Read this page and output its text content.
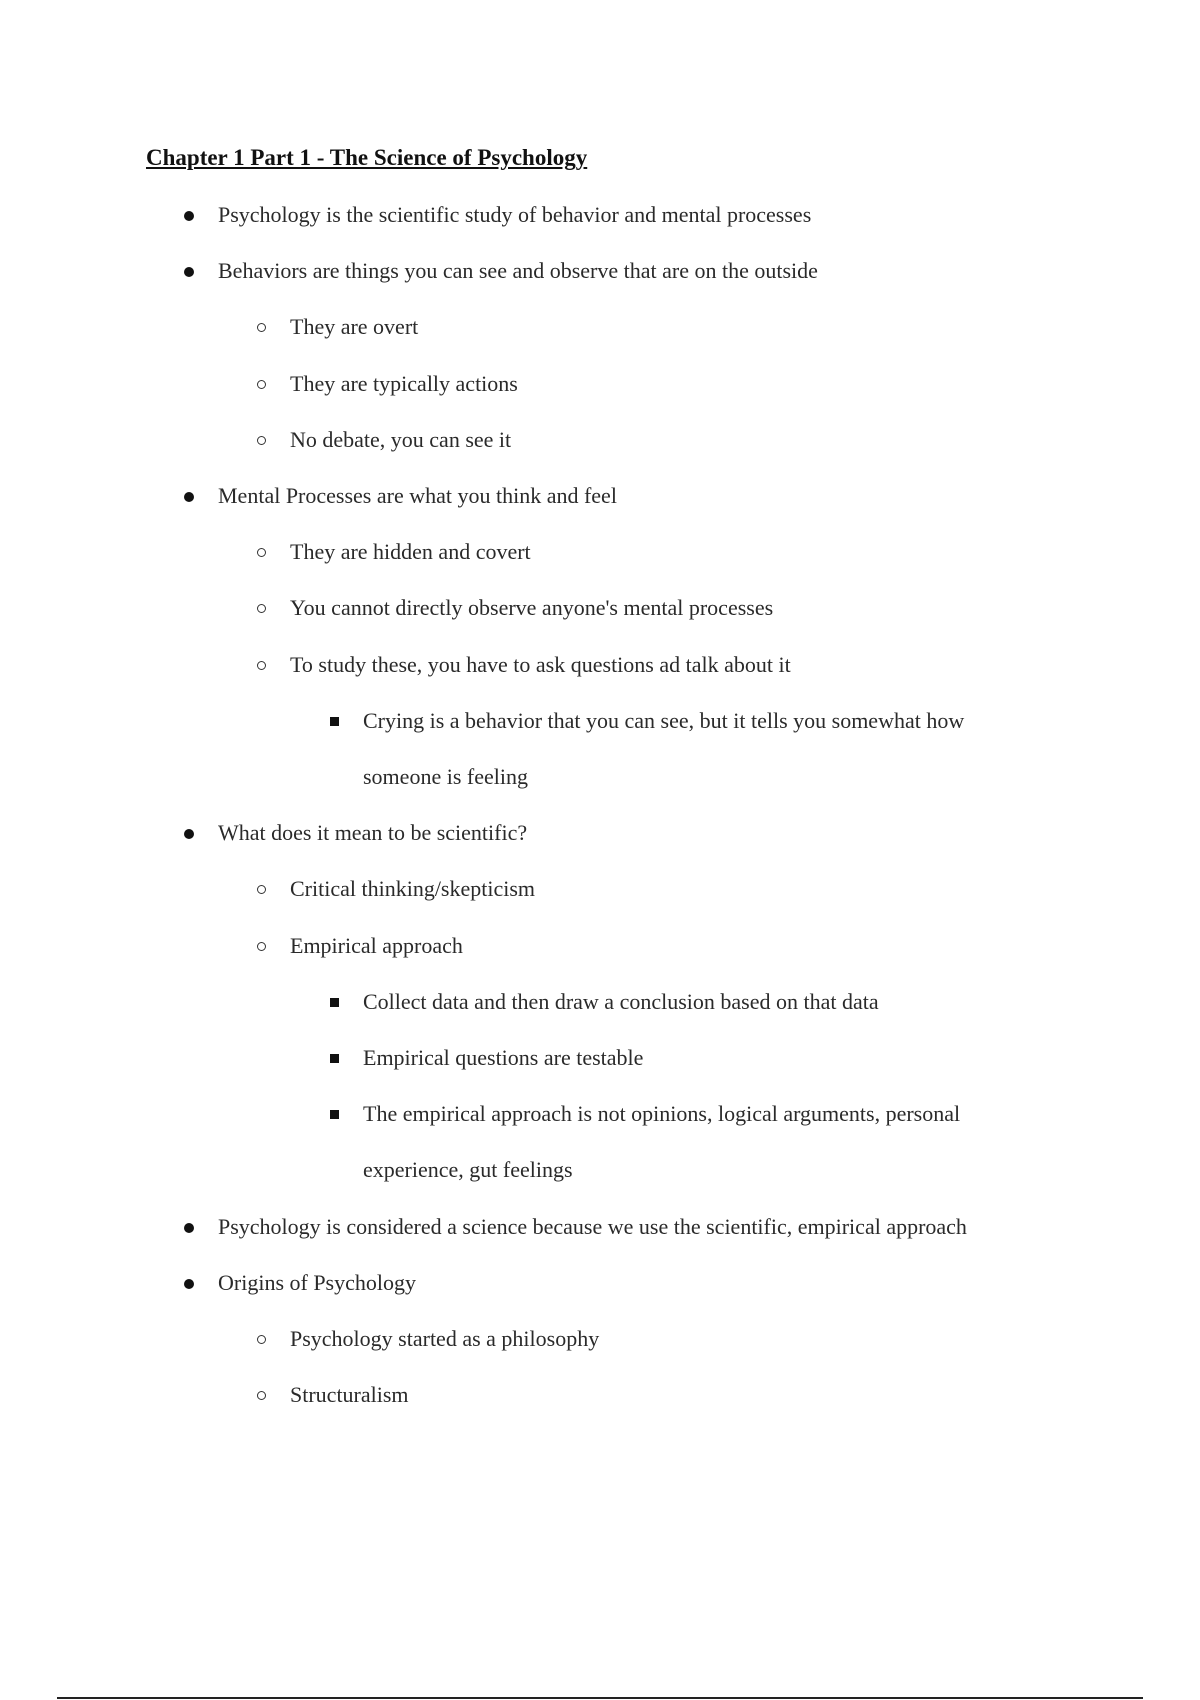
Chapter 1 Part 1 - The Science of Psychology
Psychology is the scientific study of behavior and mental processes
Behaviors are things you can see and observe that are on the outside
They are overt
They are typically actions
No debate, you can see it
Mental Processes are what you think and feel
They are hidden and covert
You cannot directly observe anyone's mental processes
To study these, you have to ask questions ad talk about it
Crying is a behavior that you can see, but it tells you somewhat how
someone is feeling
What does it mean to be scientific?
Critical thinking/skepticism
Empirical approach
Collect data and then draw a conclusion based on that data
Empirical questions are testable
The empirical approach is not opinions, logical arguments, personal
experience, gut feelings
Psychology is considered a science because we use the scientific, empirical approach
Origins of Psychology
Psychology started as a philosophy
Structuralism
